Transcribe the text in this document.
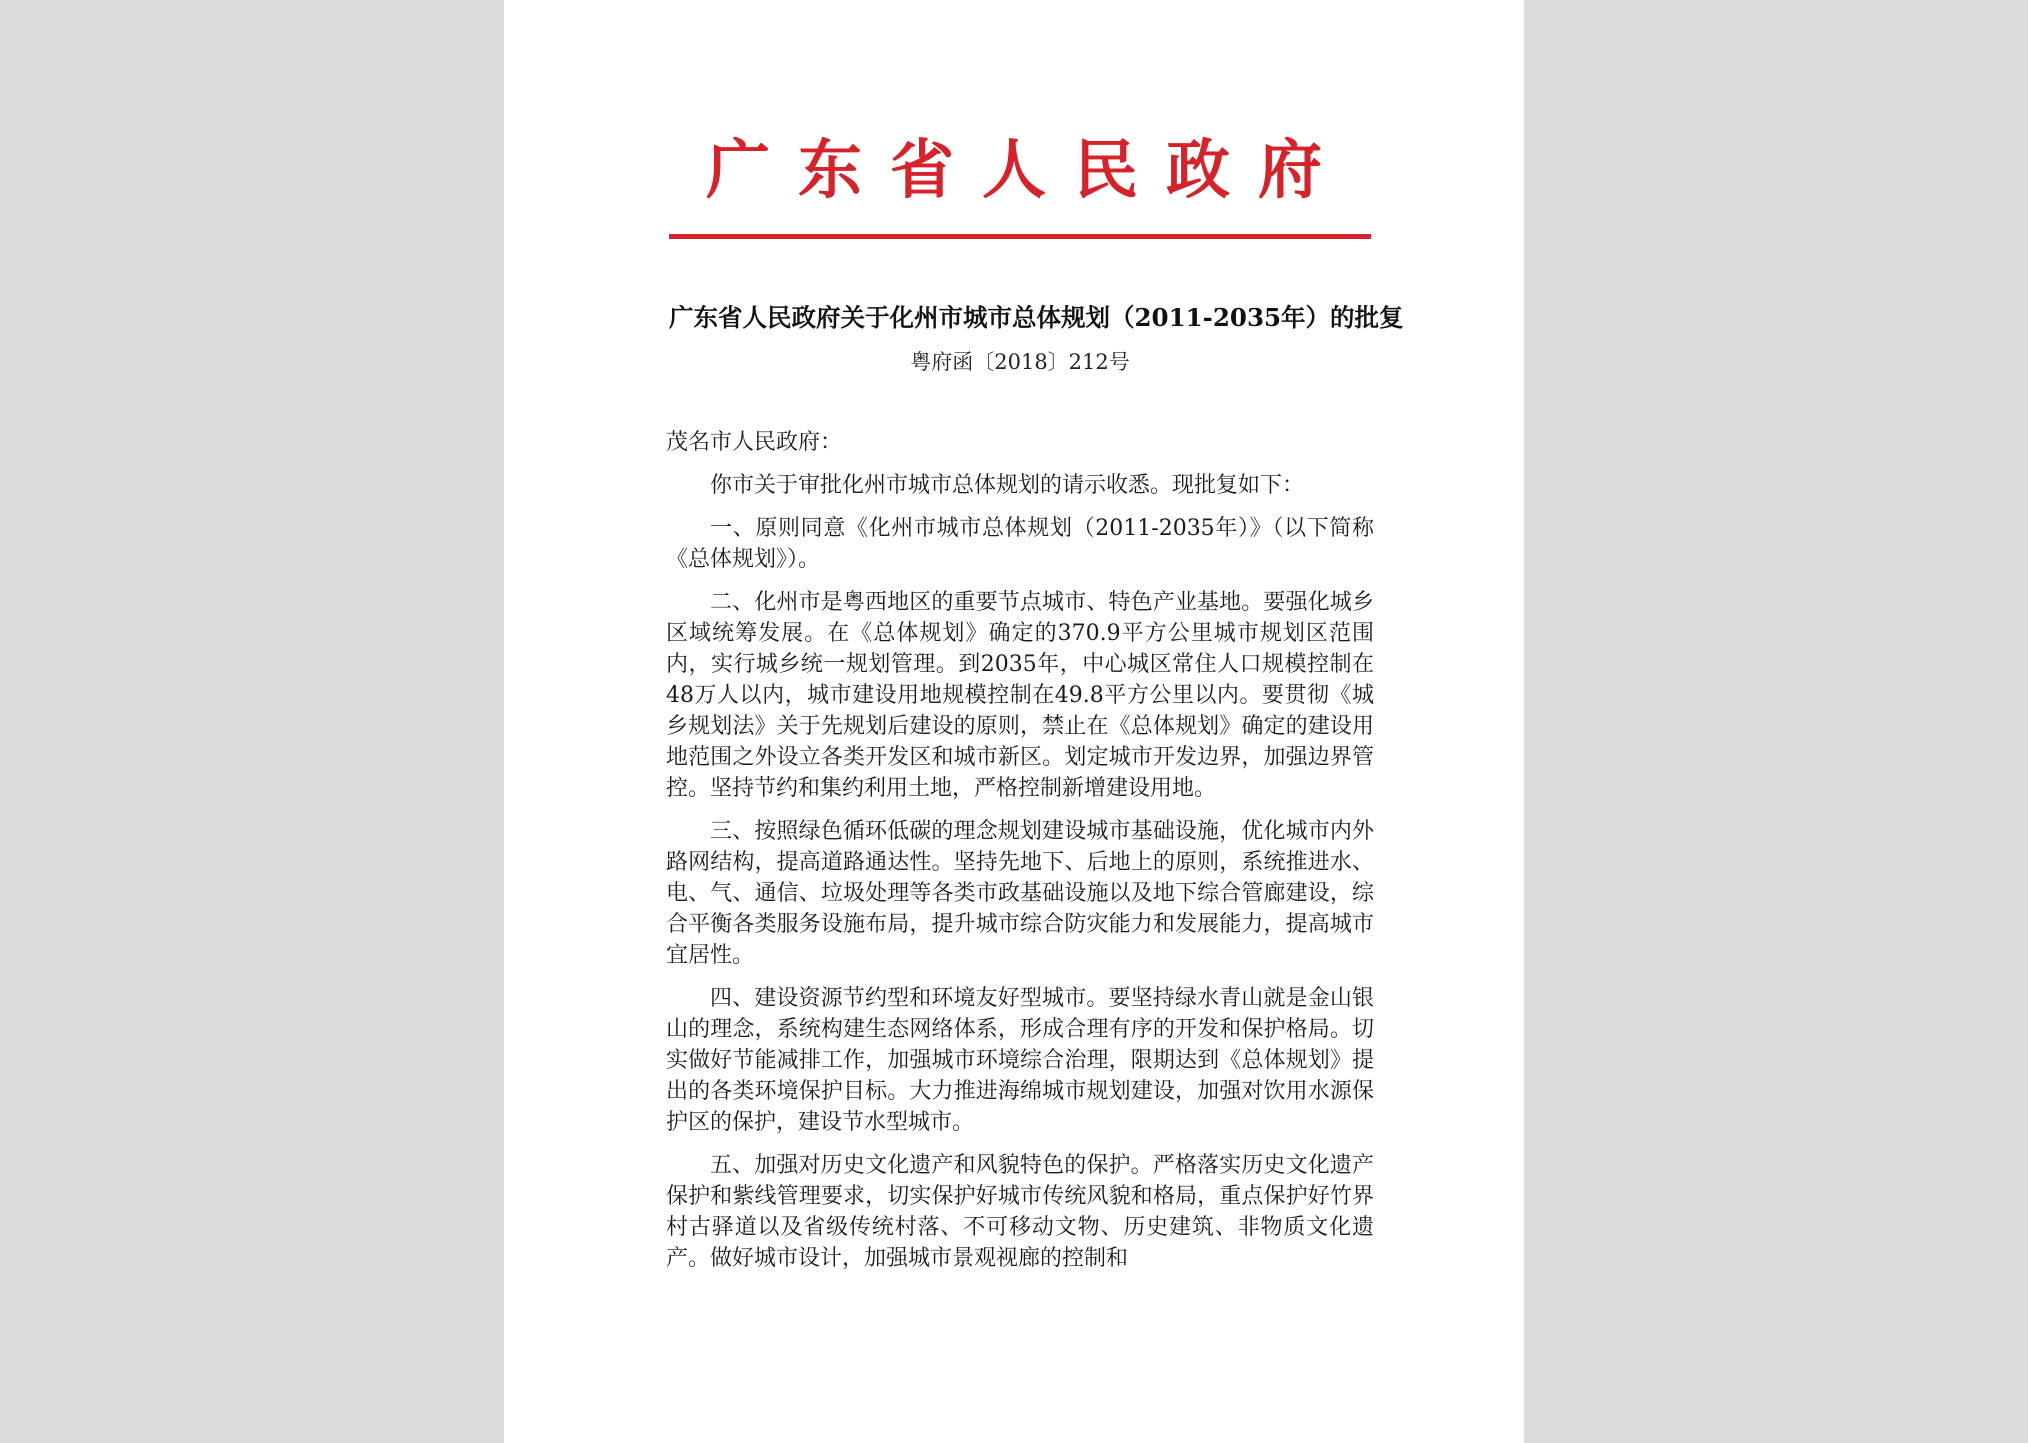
广东省人民政府
广东省人民政府关于化州市城市总体规划（2011-2035年）的批复
粤府函〔2018〕212号

茂名市人民政府：

你市关于审批化州市城市总体规划的请示收悉。现批复如下：

一、原则同意《化州市城市总体规划（2011-2035年）》（以下简称《总体规划》）。

二、化州市是粤西地区的重要节点城市、特色产业基地。要强化城乡区域统筹发展。在《总体规划》确定的370.9平方公里城市规划区范围内，实行城乡统一规划管理。到2035年，中心城区常住人口规模控制在48万人以内，城市建设用地规模控制在49.8平方公里以内。要贯彻《城乡规划法》关于先规划后建设的原则，禁止在《总体规划》确定的建设用地范围之外设立各类开发区和城市新区。划定城市开发边界，加强边界管控。坚持节约和集约利用土地，严格控制新增建设用地。

三、按照绿色循环低碳的理念规划建设城市基础设施，优化城市内外路网结构，提高道路通达性。坚持先地下、后地上的原则，系统推进水、电、气、通信、垃圾处理等各类市政基础设施以及地下综合管廊建设，综合平衡各类服务设施布局，提升城市综合防灾能力和发展能力，提高城市宜居性。

四、建设资源节约型和环境友好型城市。要坚持绿水青山就是金山银山的理念，系统构建生态网络体系，形成合理有序的开发和保护格局。切实做好节能减排工作，加强城市环境综合治理，限期达到《总体规划》提出的各类环境保护目标。大力推进海绵城市规划建设，加强对饮用水源保护区的保护，建设节水型城市。

五、加强对历史文化遗产和风貌特色的保护。严格落实历史文化遗产保护和紫线管理要求，切实保护好城市传统风貌和格局，重点保护好竹界村古驿道以及省级传统村落、不可移动文物、历史建筑、非物质文化遗产。做好城市设计，加强城市景观视廊的控制和
